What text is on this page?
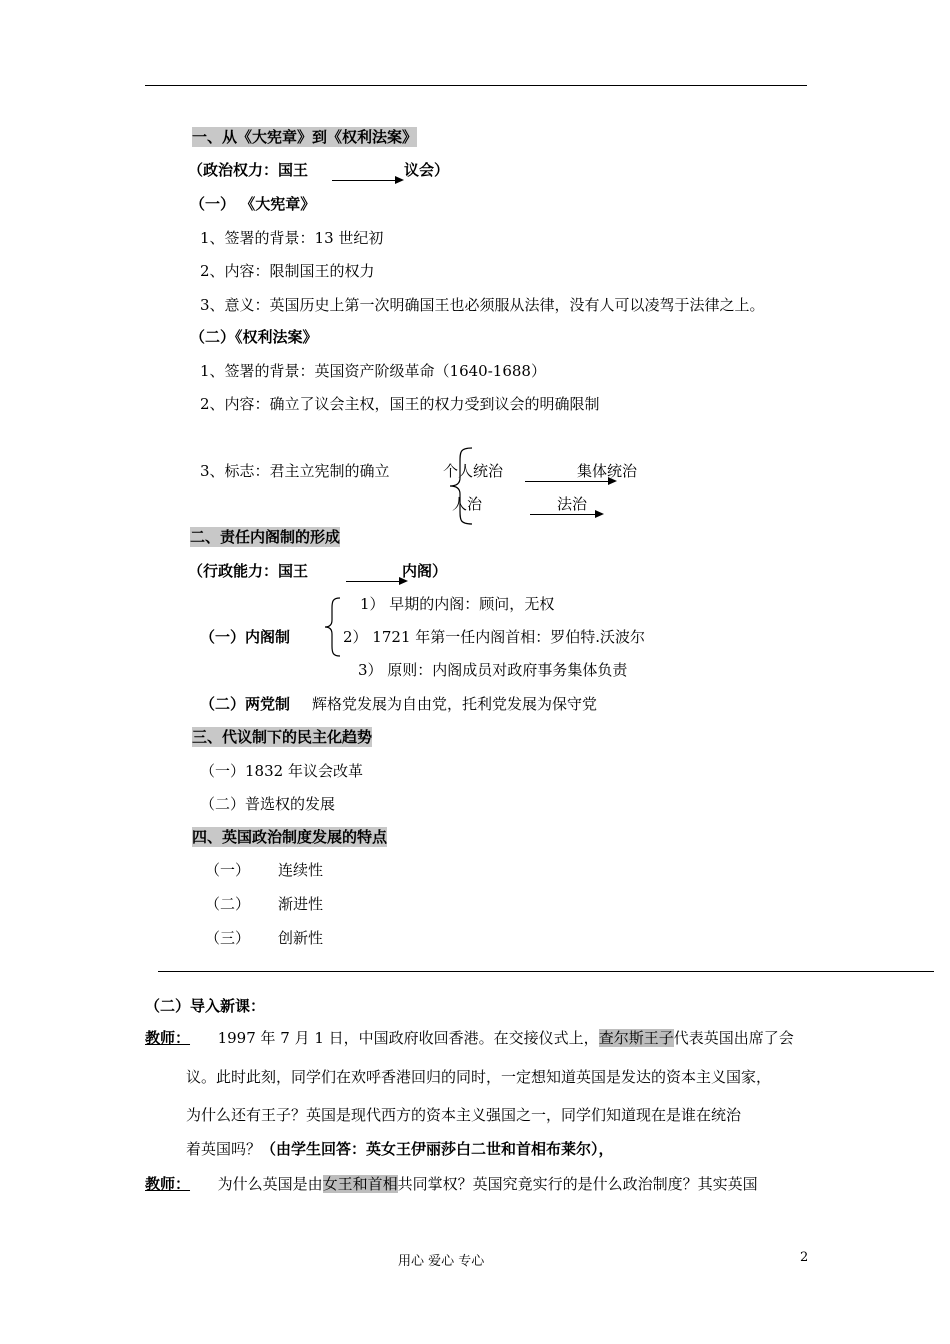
一、从《大宪章》到《权利法案》
（政治权力：国王	议会）
（一） 《大宪章》
1、签署的背景：13 世纪初
2、内容：限制国王的权力
3、意义：英国历史上第一次明确国王也必须服从法律，没有人可以凌驾于法律之上。
（二）《权利法案》
1、签署的背景：英国资产阶级革命（1640-1688）
2、内容：确立了议会主权，国王的权力受到议会的明确限制
3、标志：君主立宪制的确立	个人统治	集体统治
人治	法治
二、责任内阁制的形成
（行政能力：国王	内阁）
1） 早期的内阁：顾问，无权
（一）内阁制	2） 1721 年第一任内阁首相：罗伯特.沃波尔
3） 原则：内阁成员对政府事务集体负责
（二）两党制 辉格党发展为自由党，托利党发展为保守党
三、代议制下的民主化趋势
（一）1832 年议会改革
（二）普选权的发展
四、英国政治制度发展的特点
（一） 连续性
（二） 渐进性
（三） 创新性
（二）导入新课：
教师： 1997 年 7 月 1 日，中国政府收回香港。在交接仪式上，查尔斯王子代表英国出席了会
议。此时此刻，同学们在欢呼香港回归的同时，一定想知道英国是发达的资本主义国家，
为什么还有王子？英国是现代西方的资本主义强国之一，同学们知道现在是谁在统治
着英国吗？（由学生回答：英女王伊丽莎白二世和首相布莱尔），
教师： 为什么英国是由女王和首相共同掌权？英国究竟实行的是什么政治制度？其实英国
用心 爱心 专心	2
